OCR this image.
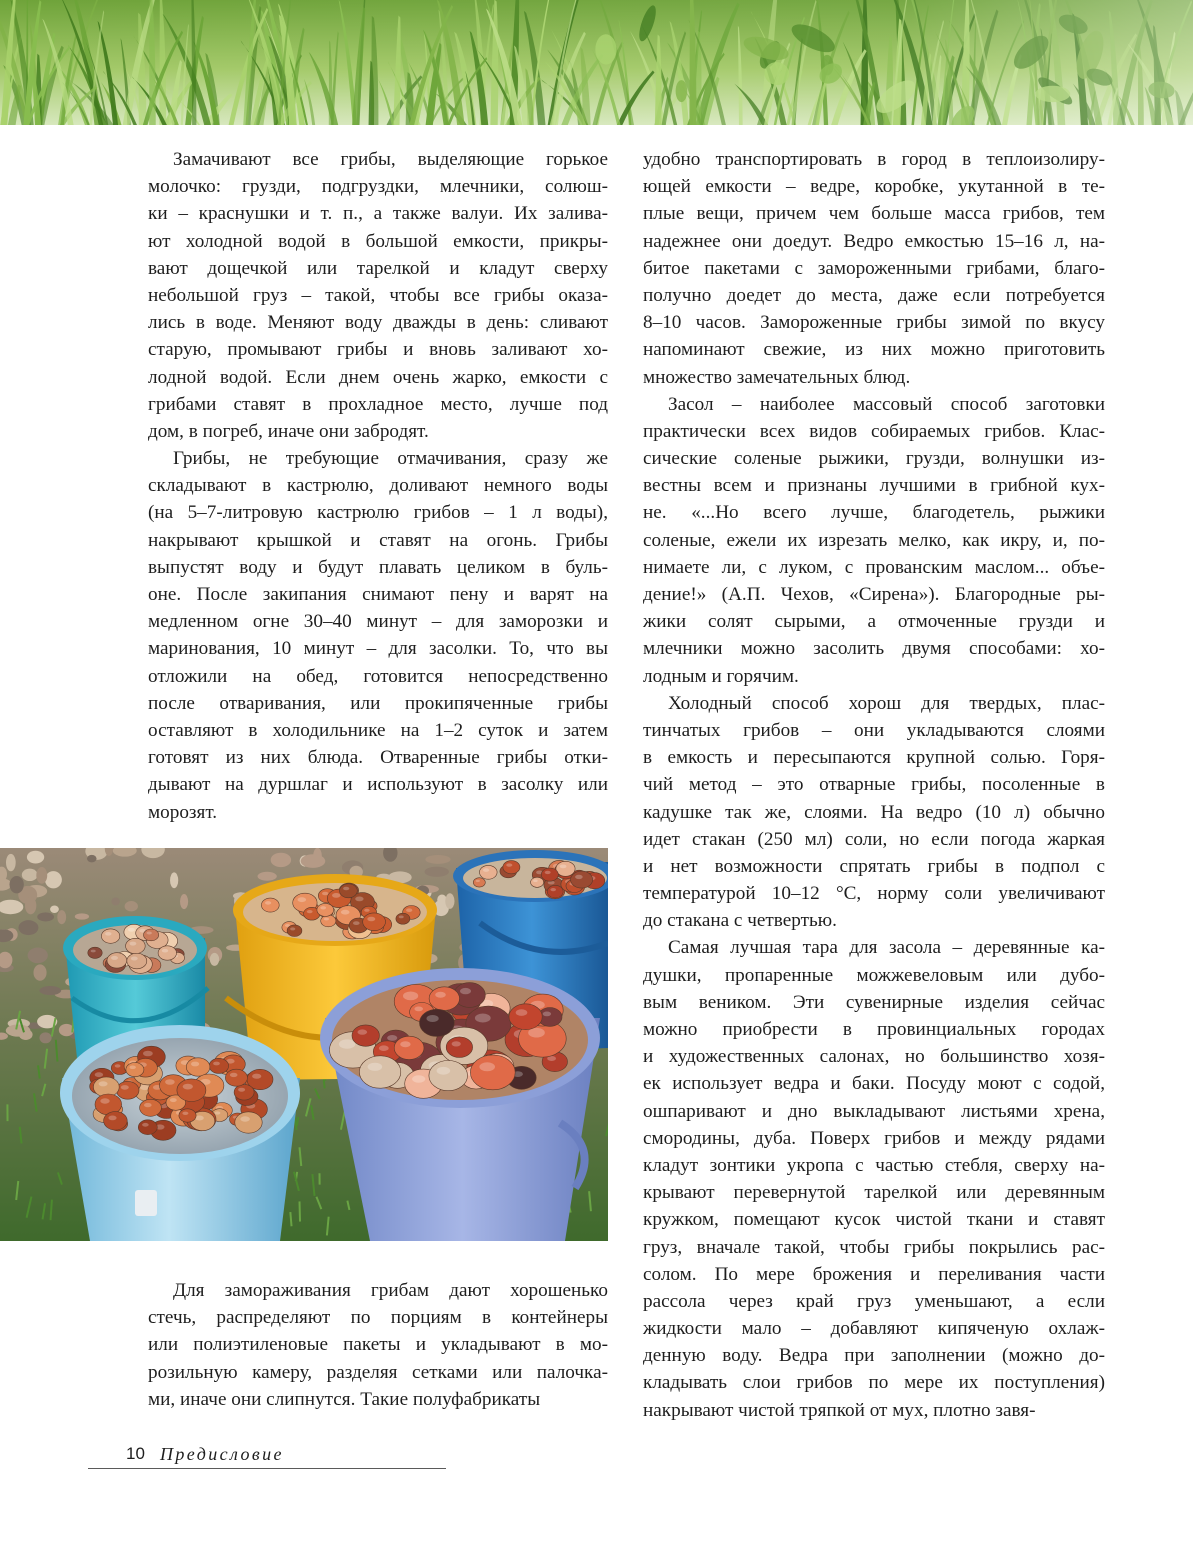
Замачивают все грибы, выделяющие горькое
молочко: грузди, подгруздки, млечники, солюш-
ки – краснушки и т. п., а также валуи. Их залива-
ют холодной водой в большой емкости, прикры-
вают дощечкой или тарелкой и кладут сверху
небольшой груз – такой, чтобы все грибы оказа-
лись в воде. Меняют воду дважды в день: сливают
старую, промывают грибы и вновь заливают хо-
лодной водой. Если днем очень жарко, емкости с
грибами ставят в прохладное место, лучше под
дом, в погреб, иначе они забродят.

Грибы, не требующие отмачивания, сразу же
складывают в кастрюлю, доливают немного воды
(на 5–7-литровую кастрюлю грибов – 1 л воды),
накрывают крышкой и ставят на огонь. Грибы
выпустят воду и будут плавать целиком в буль-
оне. После закипания снимают пену и варят на
медленном огне 30–40 минут – для заморозки и
маринования, 10 минут – для засолки. То, что вы
отложили на обед, готовится непосредственно
после отваривания, или прокипяченные грибы
оставляют в холодильнике на 1–2 суток и затем
готовят из них блюда. Отваренные грибы отки-
дывают на дуршлаг и используют в засолку или
морозят.

Для замораживания грибам дают хорошенько
стечь, распределяют по порциям в контейнеры
или полиэтиленовые пакеты и укладывают в мо-
розильную камеру, разделяя сетками или палочка-
ми, иначе они слипнутся. Такие полуфабрикаты

удобно транспортировать в город в теплоизолиру-
ющей емкости – ведре, коробке, укутанной в те-
плые вещи, причем чем больше масса грибов, тем
надежнее они доедут. Ведро емкостью 15–16 л, на-
битое пакетами с замороженными грибами, благо-
получно доедет до места, даже если потребуется
8–10 часов. Замороженные грибы зимой по вкусу
напоминают свежие, из них можно приготовить
множество замечательных блюд.

Засол – наиболее массовый способ заготовки
практически всех видов собираемых грибов. Клас-
сические соленые рыжики, грузди, волнушки из-
вестны всем и признаны лучшими в грибной кух-
не. «...Но всего лучше, благодетель, рыжики
соленые, ежели их изрезать мелко, как икру, и, по-
нимаете ли, с луком, с прованским маслом... объе-
дение!» (А.П. Чехов, «Сирена»). Благородные ры-
жики солят сырыми, а отмоченные грузди и
млечники можно засолить двумя способами: хо-
лодным и горячим.

Холодный способ хорош для твердых, плас-
тинчатых грибов – они укладываются слоями
в емкость и пересыпаются крупной солью. Горя-
чий метод – это отварные грибы, посоленные в
кадушке так же, слоями. На ведро (10 л) обычно
идет стакан (250 мл) соли, но если погода жаркая
и нет возможности спрятать грибы в подпол с
температурой 10–12 °С, норму соли увеличивают
до стакана с четвертью.

Самая лучшая тара для засола – деревянные ка-
душки, пропаренные можжевеловым или дубо-
вым веником. Эти сувенирные изделия сейчас
можно приобрести в провинциальных городах
и художественных салонах, но большинство хозя-
ек использует ведра и баки. Посуду моют с содой,
ошпаривают и дно выкладывают листьями хрена,
смородины, дуба. Поверх грибов и между рядами
кладут зонтики укропа с частью стебля, сверху на-
крывают перевернутой тарелкой или деревянным
кружком, помещают кусок чистой ткани и ставят
груз, вначале такой, чтобы грибы покрылись рас-
солом. По мере брожения и переливания части
рассола через край груз уменьшают, а если
жидкости мало – добавляют кипяченую охлаж-
денную воду. Ведра при заполнении (можно до-
кладывать слои грибов по мере их поступления)
накрывают чистой тряпкой от мух, плотно завя-

10 Предисловие
